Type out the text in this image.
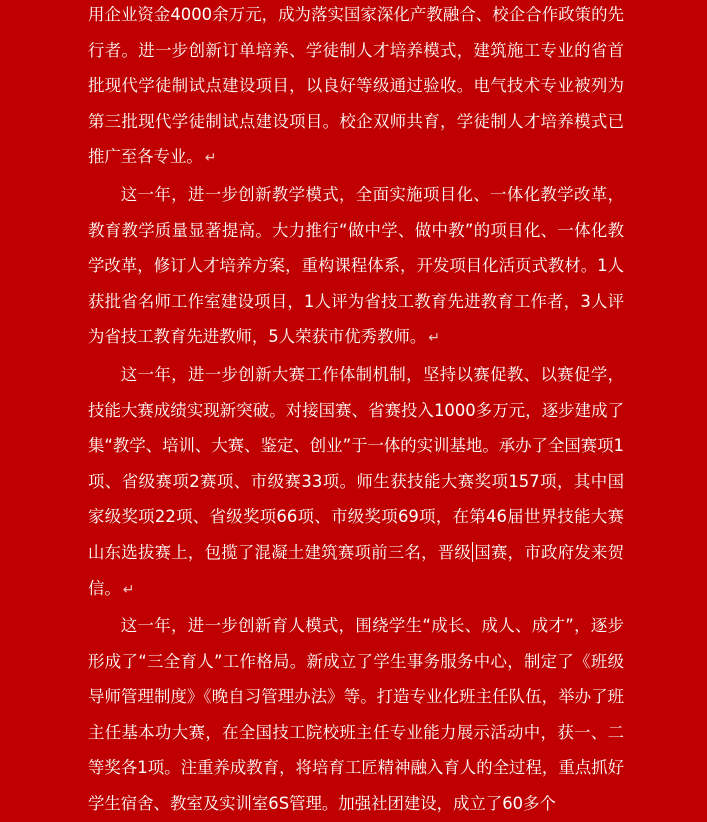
用企业资金4000余万元，成为落实国家深化产教融合、校企合作政策的先行者。进一步创新订单培养、学徒制人才培养模式，建筑施工专业的省首批现代学徒制试点建设项目，以良好等级通过验收。电气技术专业被列为第三批现代学徒制试点建设项目。校企双师共育，学徒制人才培养模式已推广至各专业。 ↵

这一年，进一步创新教学模式，全面实施项目化、一体化教学改革，教育教学质量显著提高。大力推行“做中学、做中教”的项目化、一体化教学改革，修订人才培养方案，重构课程体系，开发项目化活页式教材。1人获批省名师工作室建设项目，1人评为省技工教育先进教育工作者，3人评为省技工教育先进教师，5人荣获市优秀教师。 ↵

这一年，进一步创新大赛工作体制机制，坚持以赛促教、以赛促学，技能大赛成绩实现新突破。对接国赛、省赛投入1000多万元，逐步建成了集“教学、培训、大赛、鉴定、创业”于一体的实训基地。承办了全国赛项1项、省级赛项2赛项、市级赛33项。师生获技能大赛奖项157项，其中国家级奖项22项、省级奖项66项、市级奖项69项，在第46届世界技能大赛山东选拔赛上，包揽了混凝土建筑赛项前三名，晋级 国赛，市政府发来贺信。 ↵

这一年，进一步创新育人模式，围绕学生“成长、成人、成才”，逐步形成了“三全育人”工作格局。新成立了学生事务服务中心，制定了《班级导师管理制度》《晚自习管理办法》等。打造专业化班主任队伍，举办了班主任基本功大赛，在全国技工院校班主任专业能力展示活动中，获一、二等奖各1项。注重养成教育，将培育工匠精神融入育人的全过程，重点抓好学生宿舍、教室及实训室6S管理。加强社团建设，成立了60多个
